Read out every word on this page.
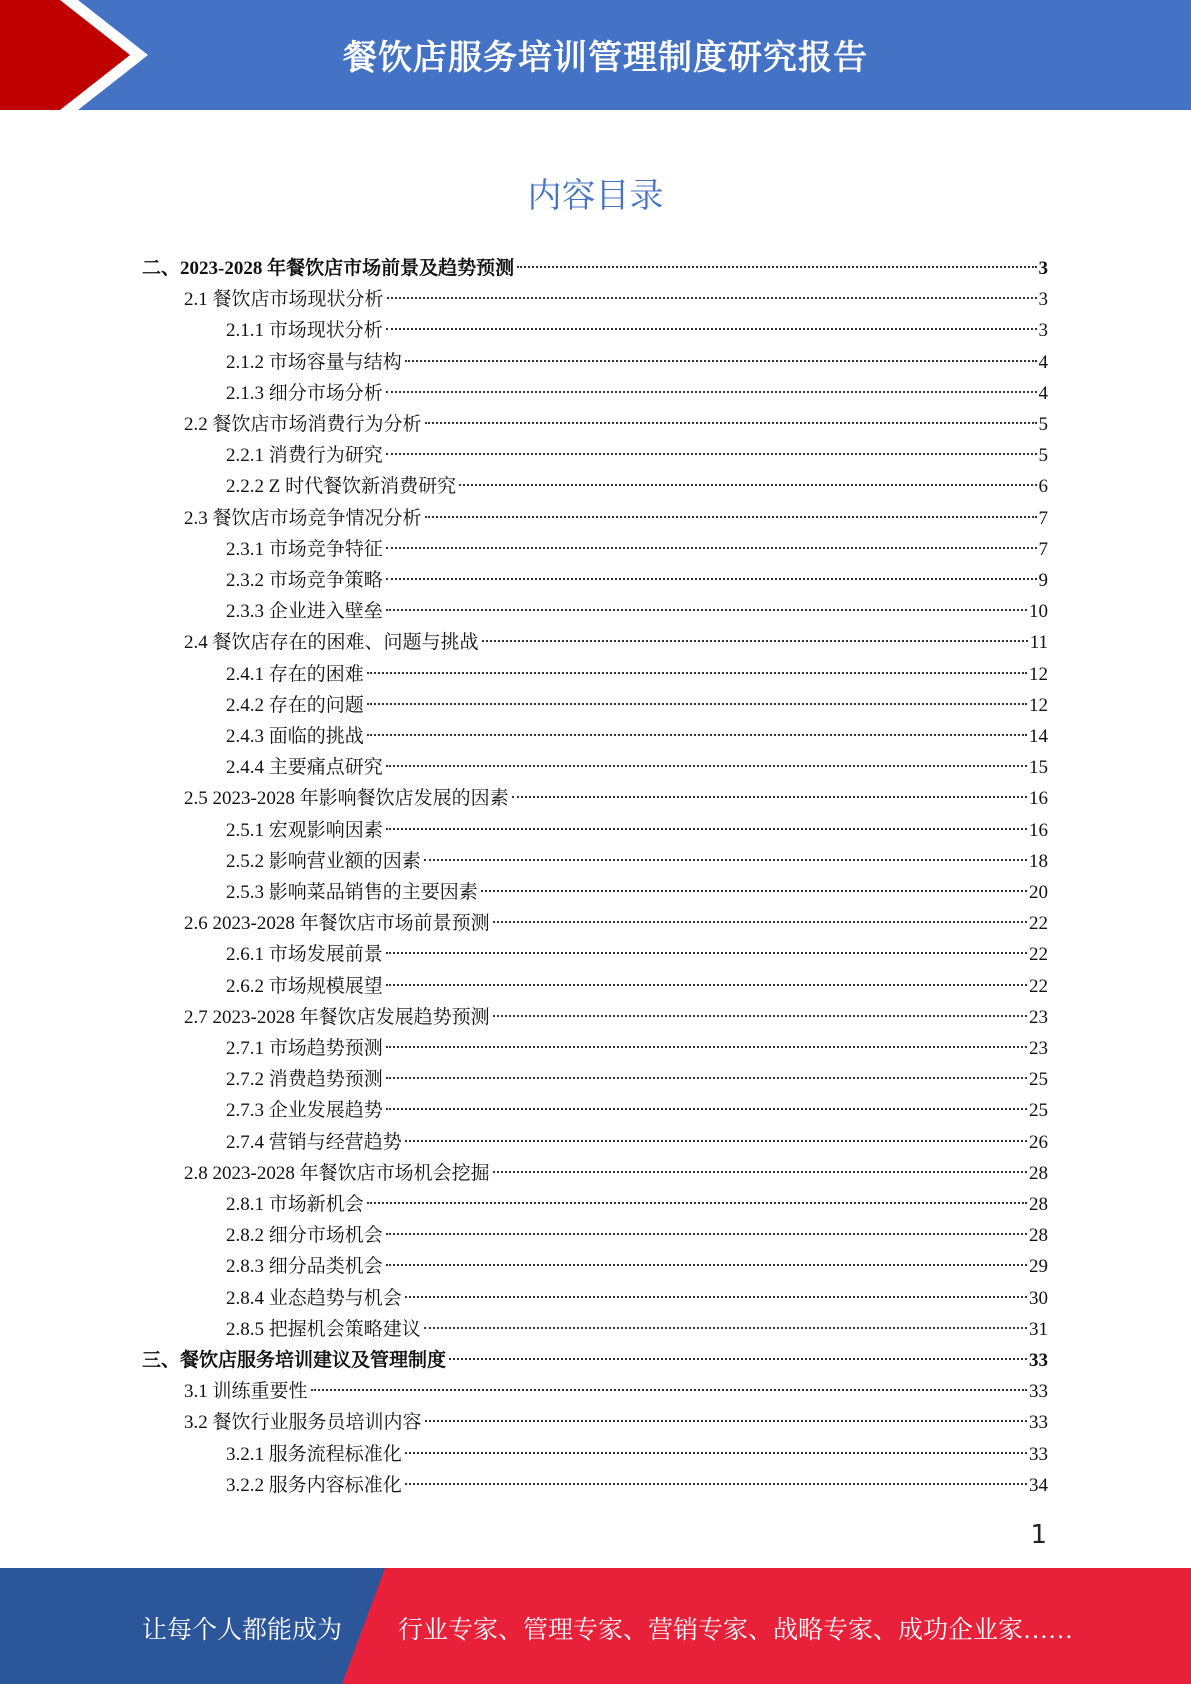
餐饮店服务培训管理制度研究报告
内容目录
二、2023-2028 年餐饮店市场前景及趋势预测	3
2.1 餐饮店市场现状分析	3
2.1.1 市场现状分析	3
2.1.2 市场容量与结构	4
2.1.3 细分市场分析	4
2.2 餐饮店市场消费行为分析	5
2.2.1 消费行为研究	5
2.2.2 Z 时代餐饮新消费研究	6
2.3 餐饮店市场竞争情况分析	7
2.3.1 市场竞争特征	7
2.3.2 市场竞争策略	9
2.3.3 企业进入壁垒	10
2.4 餐饮店存在的困难、问题与挑战	11
2.4.1 存在的困难	12
2.4.2 存在的问题	12
2.4.3 面临的挑战	14
2.4.4 主要痛点研究	15
2.5 2023-2028 年影响餐饮店发展的因素	16
2.5.1 宏观影响因素	16
2.5.2 影响营业额的因素	18
2.5.3 影响菜品销售的主要因素	20
2.6 2023-2028 年餐饮店市场前景预测	22
2.6.1 市场发展前景	22
2.6.2 市场规模展望	22
2.7 2023-2028 年餐饮店发展趋势预测	23
2.7.1 市场趋势预测	23
2.7.2 消费趋势预测	25
2.7.3 企业发展趋势	25
2.7.4 营销与经营趋势	26
2.8 2023-2028 年餐饮店市场机会挖掘	28
2.8.1 市场新机会	28
2.8.2 细分市场机会	28
2.8.3 细分品类机会	29
2.8.4 业态趋势与机会	30
2.8.5 把握机会策略建议	31
三、餐饮店服务培训建议及管理制度	33
3.1 训练重要性	33
3.2 餐饮行业服务员培训内容	33
3.2.1 服务流程标准化	33
3.2.2 服务内容标准化	34
1
让每个人都能成为 行业专家、管理专家、营销专家、战略专家、成功企业家……
